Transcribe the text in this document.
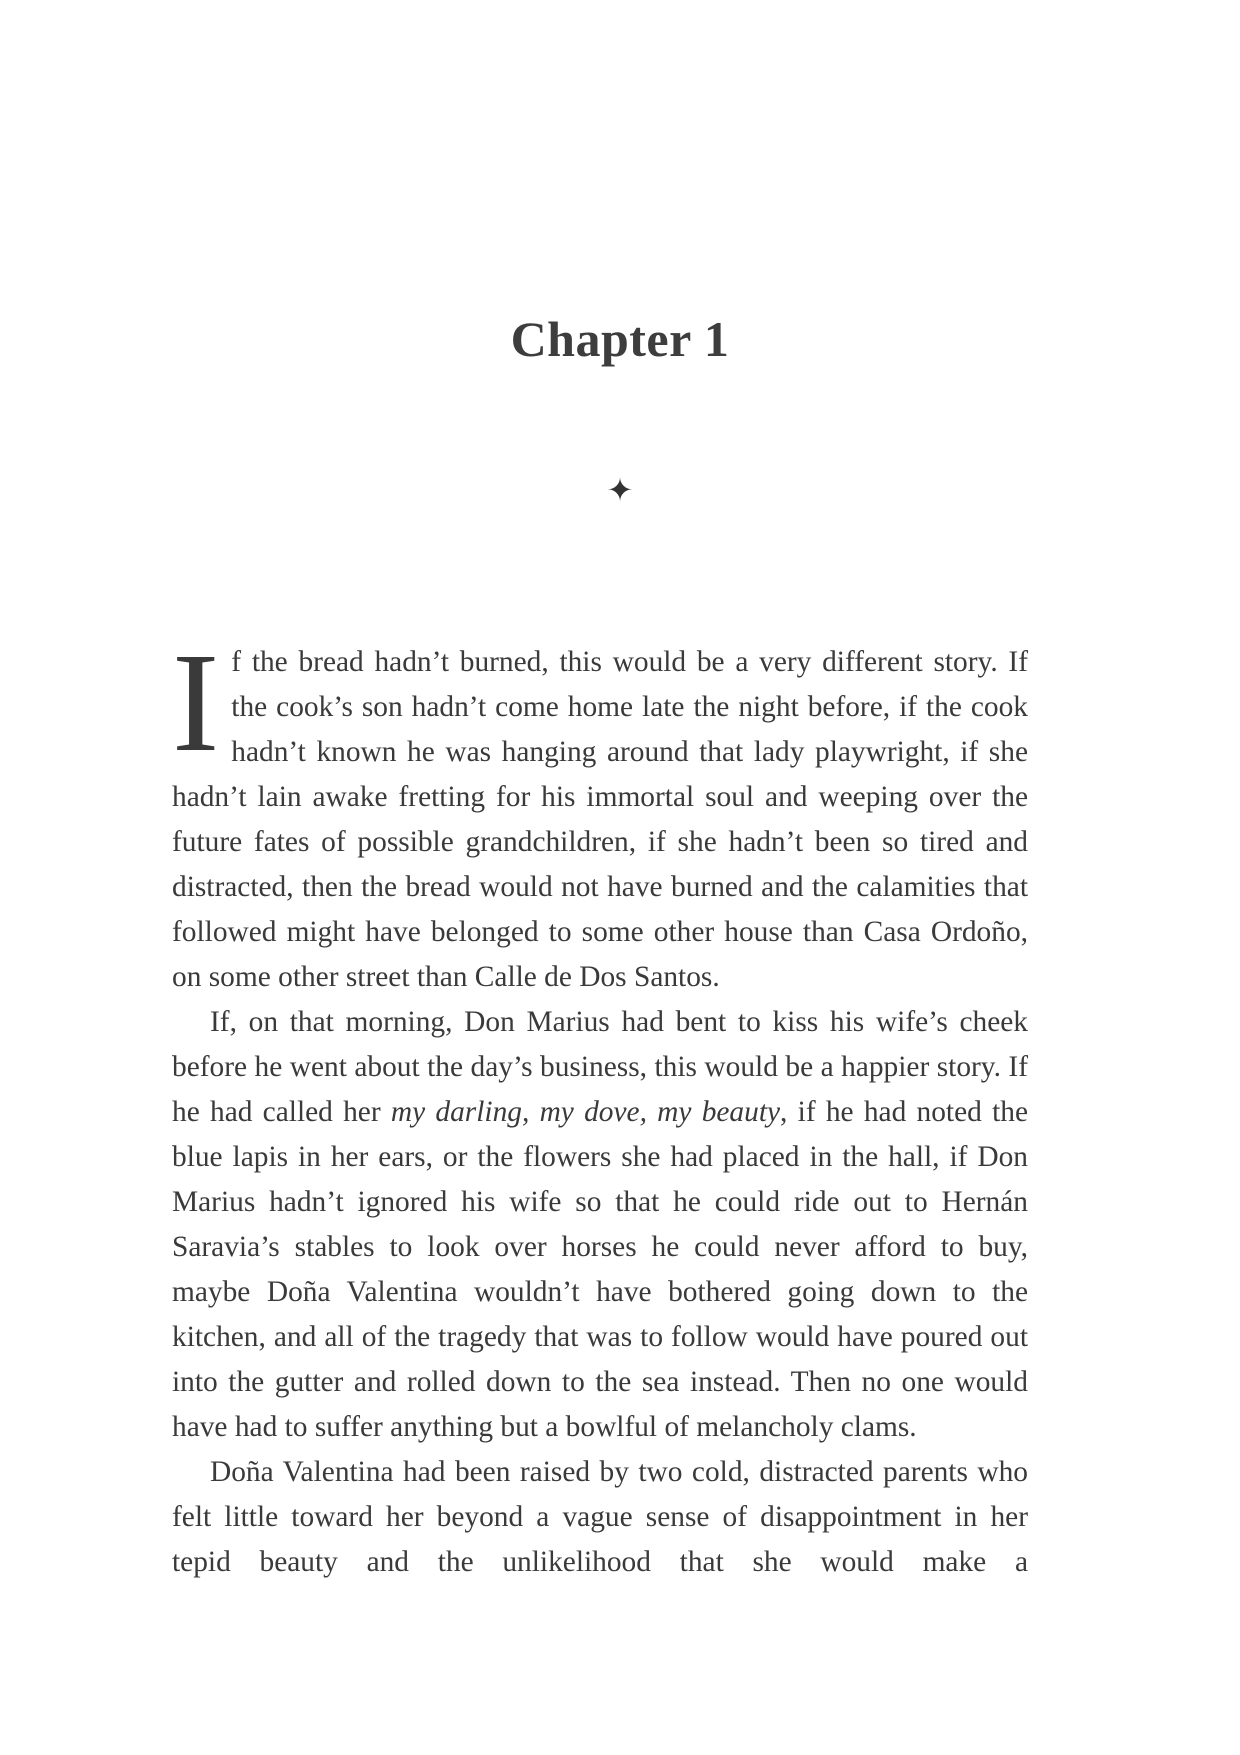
Chapter 1
✦

If the bread hadn’t burned, this would be a very different story. If the cook’s son hadn’t come home late the night before, if the cook hadn’t known he was hanging around that lady playwright, if she hadn’t lain awake fretting for his immortal soul and weeping over the future fates of possible grandchildren, if she hadn’t been so tired and distracted, then the bread would not have burned and the calamities that followed might have belonged to some other house than Casa Ordoño, on some other street than Calle de Dos Santos.

If, on that morning, Don Marius had bent to kiss his wife’s cheek before he went about the day’s business, this would be a happier story. If he had called her my darling, my dove, my beauty, if he had noted the blue lapis in her ears, or the flowers she had placed in the hall, if Don Marius hadn’t ignored his wife so that he could ride out to Hernán Saravia’s stables to look over horses he could never afford to buy, maybe Doña Valentina wouldn’t have bothered going down to the kitchen, and all of the tragedy that was to follow would have poured out into the gutter and rolled down to the sea instead. Then no one would have had to suffer anything but a bowlful of melancholy clams.

Doña Valentina had been raised by two cold, distracted parents who felt little toward her beyond a vague sense of disappointment in her tepid beauty and the unlikelihood that she would make a
